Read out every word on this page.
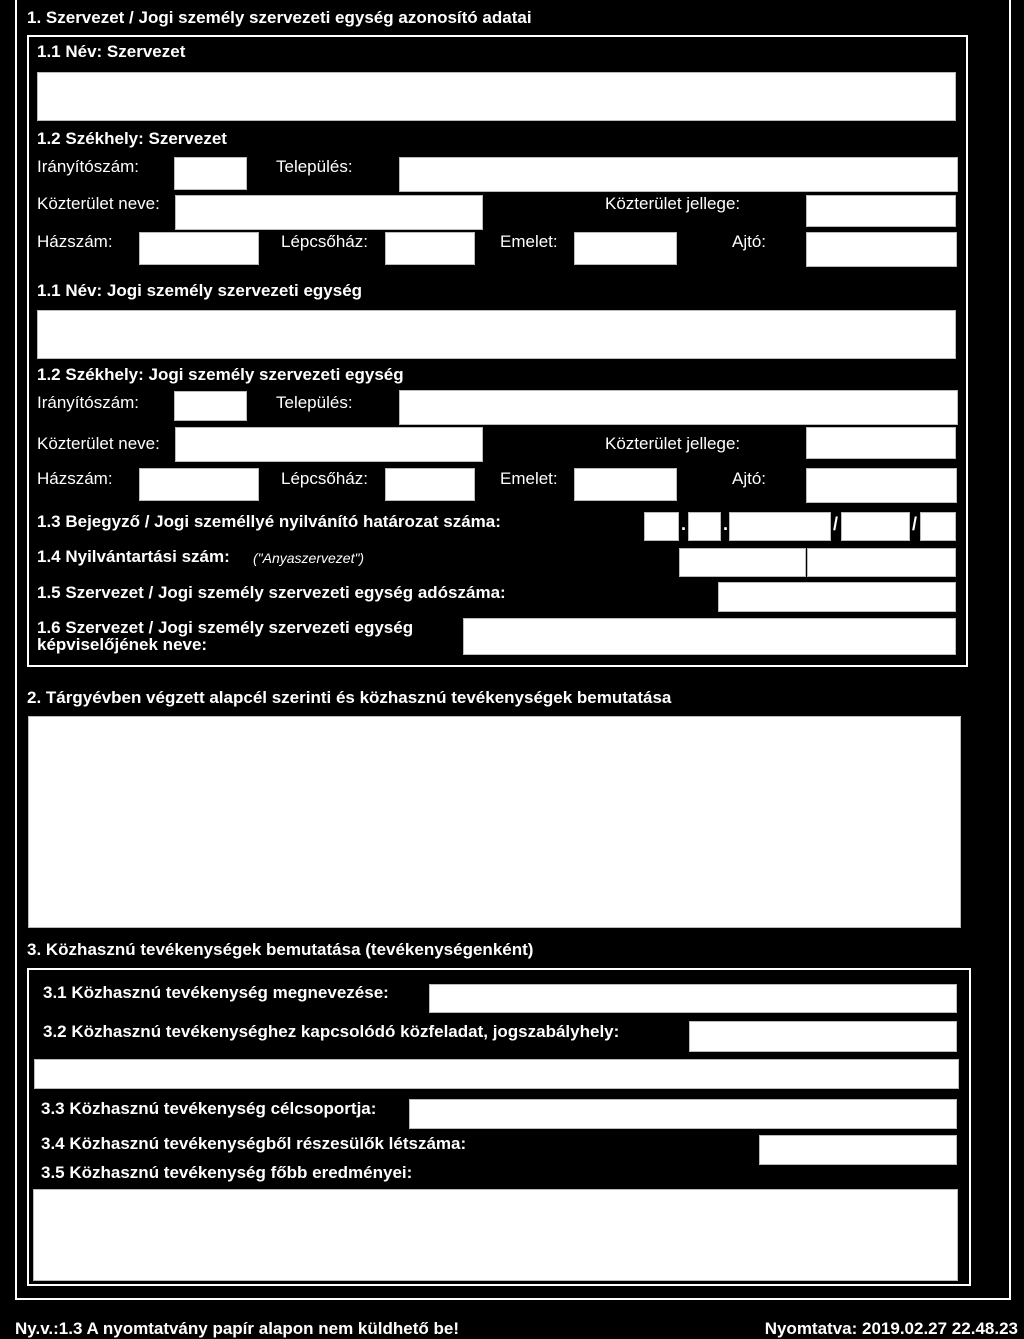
1. Szervezet / Jogi személy szervezeti egység azonosító adatai
1.1 Név: Szervezet
1.2 Székhely: Szervezet
Irányítószám:	Település:
Közterület neve:	Közterület jellege:
Házszám:	Lépcsőház:	Emelet:	Ajtó:
1.1 Név: Jogi személy szervezeti egység
1.2 Székhely: Jogi személy szervezeti egység
Irányítószám:	Település:
Közterület neve:	Közterület jellege:
Házszám:	Lépcsőház:	Emelet:	Ajtó:
1.3 Bejegyző / Jogi személlyé nyilvánító határozat száma:	. .	/	/
1.4 Nyilvántartási szám: ("Anyaszervezet")
1.5 Szervezet / Jogi személy szervezeti egység adószáma:
1.6 Szervezet / Jogi személy szervezeti egység
képviselőjének neve:
2. Tárgyévben végzett alapcél szerinti és közhasznú tevékenységek bemutatása
3. Közhasznú tevékenységek bemutatása (tevékenységenként)
3.1 Közhasznú tevékenység megnevezése:
3.2 Közhasznú tevékenységhez kapcsolódó közfeladat, jogszabályhely:
3.3 Közhasznú tevékenység célcsoportja:
3.4 Közhasznú tevékenységből részesülők létszáma:
3.5 Közhasznú tevékenység főbb eredményei:
Ny.v.:1.3 A nyomtatvány papír alapon nem küldhető be!	Nyomtatva: 2019.02.27 22.48.23
